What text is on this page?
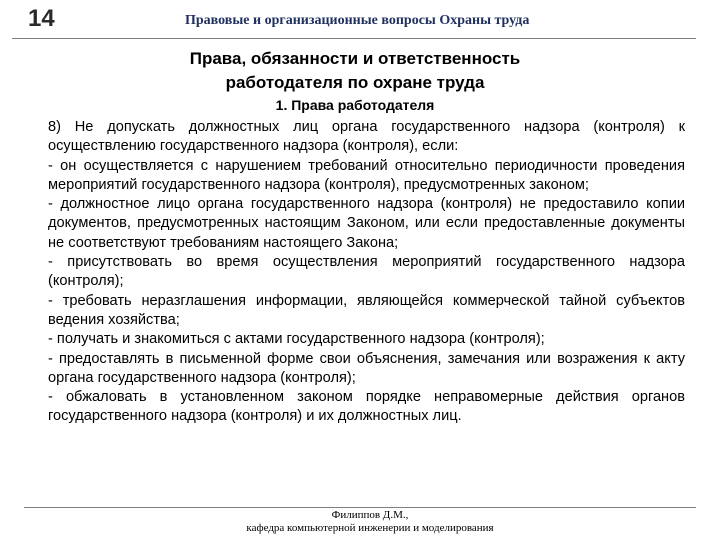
14	Правовые и организационные вопросы Охраны труда
Права, обязанности и ответственность
работодателя по охране труда
1. Права работодателя

8) Не допускать должностных лиц органа государственного надзора (контроля) к осуществлению государственного надзора (контроля), если:

- он осуществляется с нарушением требований относительно периодичности проведения мероприятий государственного надзора (контроля), предусмотренных законом;

- должностное лицо органа государственного надзора (контроля) не предоставило копии документов, предусмотренных настоящим Законом, или если предоставленные документы не соответствуют требованиям настоящего Закона;

- присутствовать во время осуществления мероприятий государственного надзора (контроля);

- требовать неразглашения информации, являющейся коммерческой тайной субъектов ведения хозяйства;

- получать и знакомиться с актами государственного надзора (контроля);

- предоставлять в письменной форме свои объяснения, замечания или возражения к акту органа государственного надзора (контроля);

- обжаловать в установленном законом порядке неправомерные действия органов государственного надзора (контроля) и их должностных лиц.

Филиппов Д.М.,
кафедра компьютерной инженерии и моделирования
